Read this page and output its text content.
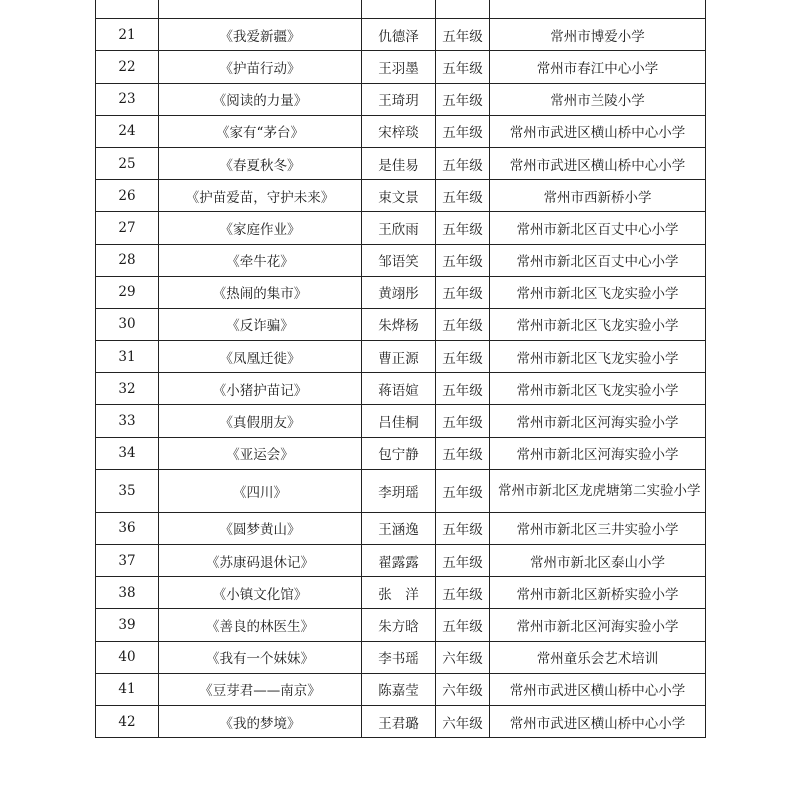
21	《我爱新疆》	仇德泽	五年级	常州市博爱小学
22	《护苗行动》	王羽墨	五年级	常州市春江中心小学
23	《阅读的力量》	王琦玥	五年级	常州市兰陵小学
24	《家有“茅台》	宋梓琰	五年级	常州市武进区横山桥中心小学
25	《春夏秋冬》	是佳易	五年级	常州市武进区横山桥中心小学
26	《护苗爱苗，守护未来》	束文景	五年级	常州市西新桥小学
27	《家庭作业》	王欣雨	五年级	常州市新北区百丈中心小学
28	《牵牛花》	邹语笑	五年级	常州市新北区百丈中心小学
29	《热闹的集市》	黄翊彤	五年级	常州市新北区飞龙实验小学
30	《反诈骗》	朱烨杨	五年级	常州市新北区飞龙实验小学
31	《凤凰迁徙》	曹正源	五年级	常州市新北区飞龙实验小学
32	《小猪护苗记》	蒋语媗	五年级	常州市新北区飞龙实验小学
33	《真假朋友》	吕佳桐	五年级	常州市新北区河海实验小学
34	《亚运会》	包宁静	五年级	常州市新北区河海实验小学
35	《四川》	李玥瑶	五年级	常州市新北区龙虎塘第二实验小学
36	《圆梦黄山》	王涵逸	五年级	常州市新北区三井实验小学
37	《苏康码退休记》	翟露露	五年级	常州市新北区泰山小学
38	《小镇文化馆》	张　洋	五年级	常州市新北区新桥实验小学
39	《善良的林医生》	朱方晗	五年级	常州市新北区河海实验小学
40	《我有一个妹妹》	李书瑶	六年级	常州童乐会艺术培训
41	《豆芽君——南京》	陈嘉莹	六年级	常州市武进区横山桥中心小学
42	《我的梦境》	王君璐	六年级	常州市武进区横山桥中心小学
